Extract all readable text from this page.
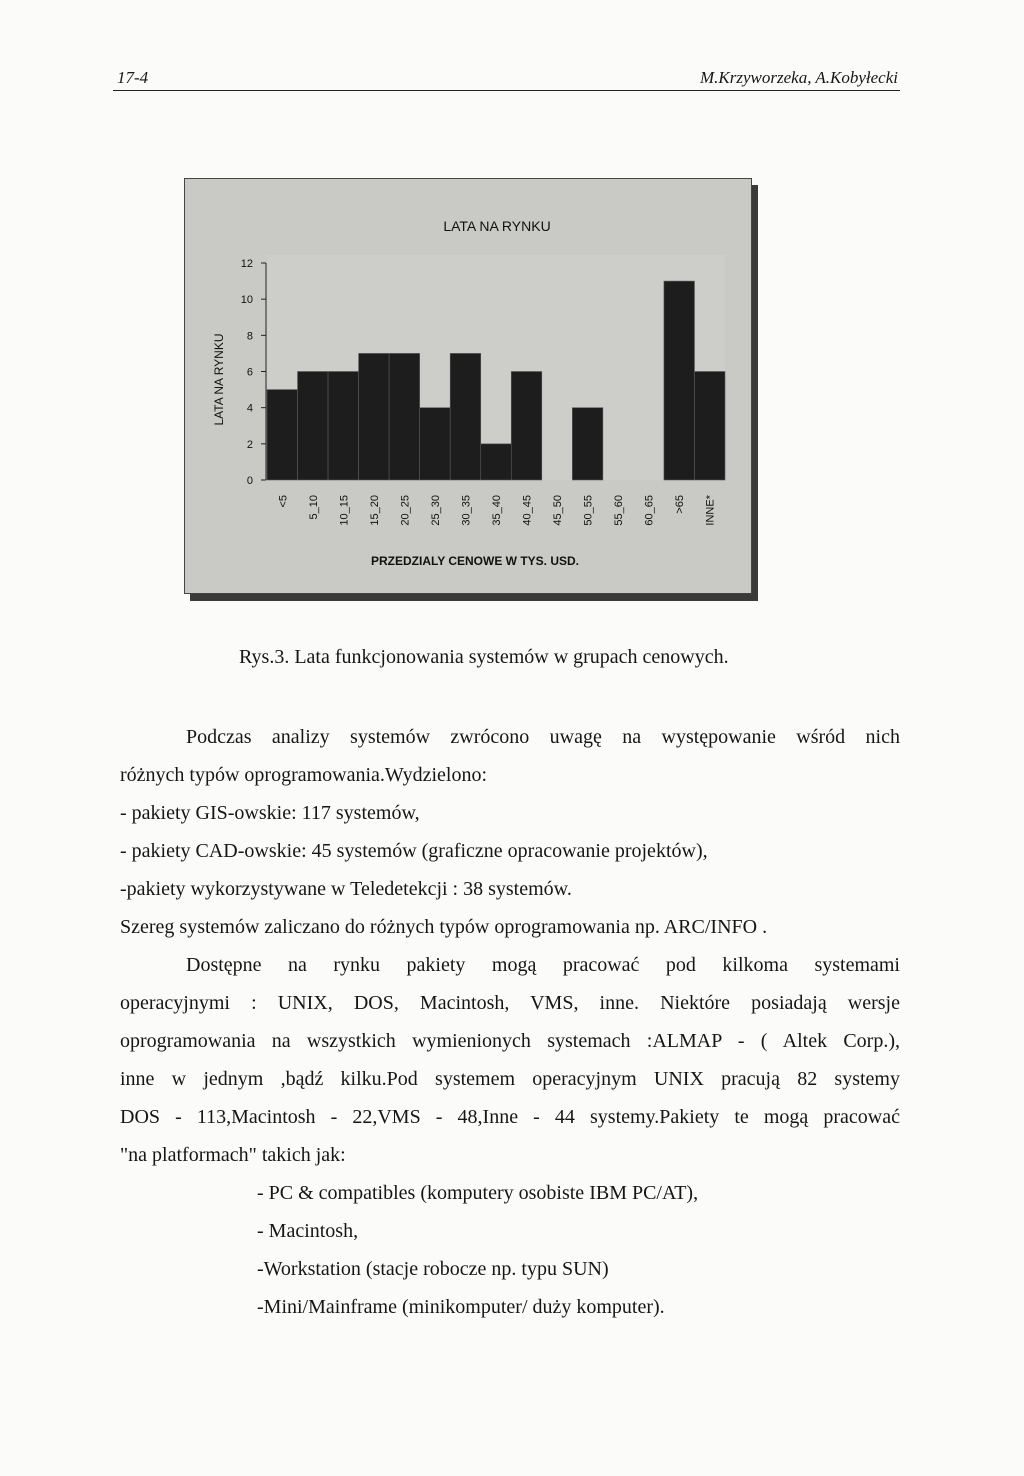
17-4	M.Krzyworzeka, A.Kobyłecki
LATA NA RYNKU
LATA NA RYNKU
0
2
4
6
8
10
12
<5 5_10 10_15 15_20 20_25 25_30 30_35 35_40 40_45 45_50 50_55 55_60 60_65 >65 INNE*
PRZEDZIALY CENOWE W TYS. USD.
Rys.3. Lata funkcjonowania systemów w grupach cenowych.

Podczas analizy systemów zwrócono uwagę na występowanie wśród nich

różnych typów oprogramowania.Wydzielono:

- pakiety GIS-owskie: 117 systemów,

- pakiety CAD-owskie: 45 systemów (graficzne opracowanie projektów),

-pakiety wykorzystywane w Teledetekcji : 38 systemów.

Szereg systemów zaliczano do różnych typów oprogramowania np. ARC/INFO .

Dostępne na rynku pakiety mogą pracować pod kilkoma systemami

operacyjnymi : UNIX, DOS, Macintosh, VMS, inne. Niektóre posiadają wersje

oprogramowania na wszystkich wymienionych systemach :ALMAP - ( Altek Corp.),

inne w jednym ,bądź kilku.Pod systemem operacyjnym UNIX pracują 82 systemy

DOS - 113,Macintosh - 22,VMS - 48,Inne - 44 systemy.Pakiety te mogą pracować

"na platformach" takich jak:

- PC & compatibles (komputery osobiste IBM PC/AT),

- Macintosh,

-Workstation (stacje robocze np. typu SUN)

-Mini/Mainframe (minikomputer/ duży komputer).
